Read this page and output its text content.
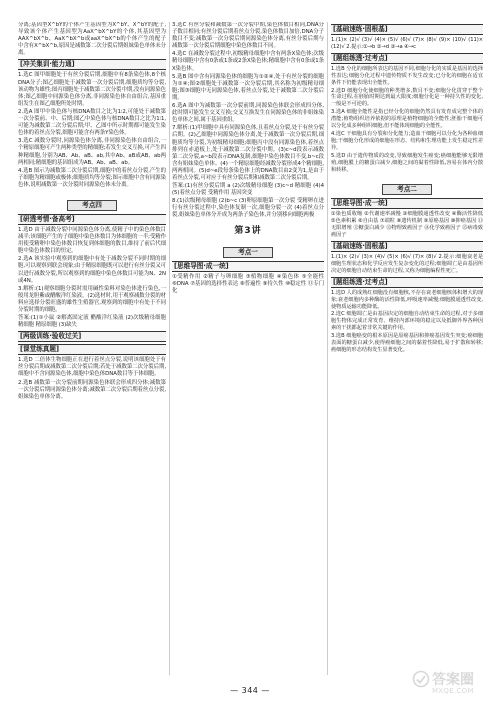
分离;基因型X^bY的个体产生基因型为X^bY、X^bY的配子,导致该个体产生基因型为AaX^bX^bY的个体,其基因型为AAX^bX^b、AaX^bX^b或aaX^bX^b的个体产生的配子中含有X^bX^b,原因是减数第二次分裂后期姐妹染色单体未分离。

[冲关集训·能力通]

1.选C 图甲细胞处于有丝分裂后期,细胞中有8条染色体,8个核DNA分子;图乙细胞处于减数第一次分裂后期,细胞质均等分裂,该动物为雄性;图丙细胞处于减数第二次分裂中期,没有同源染色体;图乙细胞中同源染色体分离,非同源染色体自由组合,基因重组发生在图乙细胞所处时期。

2.选A 图甲中染色体与核DNA数目之比为1∶2,可能处于减数第一次分裂前、中、后期;图乙中染色体与核DNA数目之比为1∶1,可能为减数第二次分裂后期;甲、乙图中所示时期都可能发生染色体的着丝点分裂,细胞可能含有两条Y染色体。

3.选C 减数分裂时,同源染色体分离,非同源染色体自由组合,一个精原细胞可产生两种类型的精细胞;若发生交叉互换,可产生四种精细胞,分别为AB、Ab、aB、ab,其中Ab、aB或AB、ab两两相同;精细胞的基因组成为AB、Ab、aB、ab。

4.选B 图示为减数第二次分裂后期,细胞中的着丝点分裂,产生的子细胞为精细胞或极体;细胞质均等分裂;图示细胞中含有同源染色体,说明减数第一次分裂时同源染色体未分离。

考点四
[研透考情·备高考]

1.选D 由于减数分裂中同源染色体分离,使精子中的染色体数目减半;该细胞产生的子细胞中染色体数目为体细胞的一半;受精作用使受精卵中染色体数目恢复到体细胞的数目,维持了前后代细胞中染色体数目的恒定。

2.选A 该实验中观察到的细胞中有处于减数分裂不同时期的细胞,可以观察到联会现象;由于精原细胞既可以进行有丝分裂又可以进行减数分裂,所以观察到的细胞中染色体数目可能为N、2N或4N。

3.解析:(1)观察细胞分裂时需用碱性染料对染色体进行染色,一般用龙胆紫或醋酸洋红染液。(2)选材时,用于观察减数分裂的材料应选择分裂旺盛的雄性生殖器官,观察到的细胞中有处于不同分裂时期的细胞。

答案:(1)①小鼠 ②解离固定液 醋酸洋红染液 (2)次级精母细胞 精细胞 精原细胞 (3)缺失

[两级训练·验收过关]
[课堂练真题]

1.选D 二倍体生物细胞正在进行着丝点分裂,说明该细胞处于有丝分裂后期或减数第二次分裂后期;若处于减数第二次分裂后期,细胞中不含同源染色体,细胞中染色体DNA数目等于体细胞。

2.选B 减数第一次分裂前期同源染色体联会形成四分体;减数第一次分裂后期同源染色体分离;减数第二次分裂后期着丝点分裂,姐妹染色单体分离。

3.选C 有丝分裂和减数第一次分裂中期,染色体数目相同,DNA分子数目相同;有丝分裂后期着丝点分裂,染色体数目加倍,DNA分子数目不变;减数第一次分裂后期同源染色体分离,有丝分裂后期与减数第一次分裂后期细胞中染色体数目不同。

4.选C 在减数分裂过程中,初级精母细胞中含有两条X染色体;次级精母细胞中含有0条或1条或2条X染色体;精细胞中含有0条或1条X染色体。

5.选B 图中含有同源染色体的细胞为①②④,处于有丝分裂的细胞为①④;图②细胞处于减数第一次分裂后期,其名称为初级精母细胞;图③细胞中无同源染色体,着丝点分裂,处于减数第二次分裂后期。

6.选A 图中为减数第一次分裂前期,同源染色体联会形成四分体,此时期可能发生交叉互换;交叉互换发生在同源染色体的非姐妹染色单体之间,属于基因重组。

7.解析:(1)甲细胞中具有同源染色体,且着丝点分裂,处于有丝分裂后期。(2)乙细胞中同源染色体分离,处于减数第一次分裂后期,细胞质均等分裂,为初级精母细胞;细胞丙中没有同源染色体,着丝点排列在赤道板上,处于减数第二次分裂中期。(3)c~d段表示减数第二次分裂,a~b段表示DNA复制,细胞中染色体数目不变,b~c段含有姐妹染色单体。(4)一个精原细胞经减数分裂形成4个精细胞,两两相同。(5)d~e段每条染色体上的DNA数目由2变为1,是由于着丝点分裂,可对应于有丝分裂后期和减数第二次分裂后期。

答案:(1)有丝分裂后期 a (2)次级精母细胞 (3)c~d 精细胞 (4)4 (5)着丝点分裂 受精作用 基因突变

8.(1)次级精母细胞 (2)b~c (3)卵原细胞第一次分裂 受精卵在进行有丝分裂过程中,染色体复制一次,细胞分裂一次 (4)着丝点分裂,姐妹染色单体分开成为两条子染色体,并分别移向细胞两极

第3讲
考点一
[思维导图·成一统]

①受精作用 ②精子与卵细胞 ③植物细胞 ④染色体 ⑤全能性 ⑥DNA ⑦基因的选择性表达 ⑧普遍性 ⑨持久性 ⑩稳定性 ⑪专门化

[基础速练·固根基]

1.(1)× (2)√ (3)√ (4)× (5)√ (6)√ (7)× (8)√ (9)× (10)√ (11)× (12)√ 2.提示:①→b ②→d ③→a ④→c

[题组练透·过考点]

1.选B 分化的细胞所表达的基因不同,细胞分化的实质是基因的选择性表达;细胞分化过程中遗传物质不发生改变;已分化的细胞在适宜条件下仍能表现出全能性。

2.选D 细胞分化使细胞的种类增多,数目不变;细胞分化贯穿于整个生命过程,在胚胎时期达到最大限度;细胞分化是一种持久性的变化,一般是不可逆的。

3.选A 细胞全能性是指已经分化的细胞仍然具有发育成完整个体的潜能;植物组织培养依据的原理是植物细胞的全能性;胚胎干细胞可以分化成多种组织细胞,但不能体现细胞的全能性。

4.选C 干细胞具有分裂和分化能力;造血干细胞可以分化为各种血细胞;干细胞分化形成的细胞在形态、结构和生理功能上发生稳定性差异。

5.选D 由于遗传物质的改变,导致细胞发生癌变;癌细胞能够无限增殖,细胞膜上的糖蛋白减少,细胞之间的黏着性降低,容易在体内分散和转移。

考点二
[思维导图·成一统]

①染色质收缩 ②代谢速率减慢 ③细胞膜通透性改变 ④酶活性降低 ⑤色素积累 ⑥自由基 ⑦端粒 ⑧遗传机制 ⑨原癌基因 ⑩抑癌基因 ⑪无限增殖 ⑫糖蛋白减少 ⑬物理致癌因子 ⑭化学致癌因子 ⑮病毒致癌因子

[基础速练·固根基]

1.(1)× (2)√ (3)× (4)√ (5)× (6)√ (7)× (8)√ 2.提示:细胞衰老是细胞生理状态和化学反应发生复杂变化的过程;细胞凋亡是由基因所决定的细胞自动结束生命的过程,又称为细胞编程性死亡。

[题组练透·过考点]

1.选D 人的成熟红细胞没有细胞核,不存在衰老细胞核体积增大的现象;衰老细胞内多种酶的活性降低,呼吸速率减慢;细胞膜通透性改变,使物质运输功能降低。

2.选C 细胞凋亡是由基因决定的细胞自动结束生命的过程,对于多细胞生物体完成正常发育、维持内部环境的稳定以及抵御外界各种因素的干扰都起着非常关键的作用。

3.选B 细胞癌变的根本原因是原癌基因和抑癌基因发生突变;癌细胞表面的糖蛋白减少,使得癌细胞之间的黏着性降低,易于扩散和转移;癌细胞的形态结构发生显著变化。

— 344 —
答案圈
MXQE.COM
